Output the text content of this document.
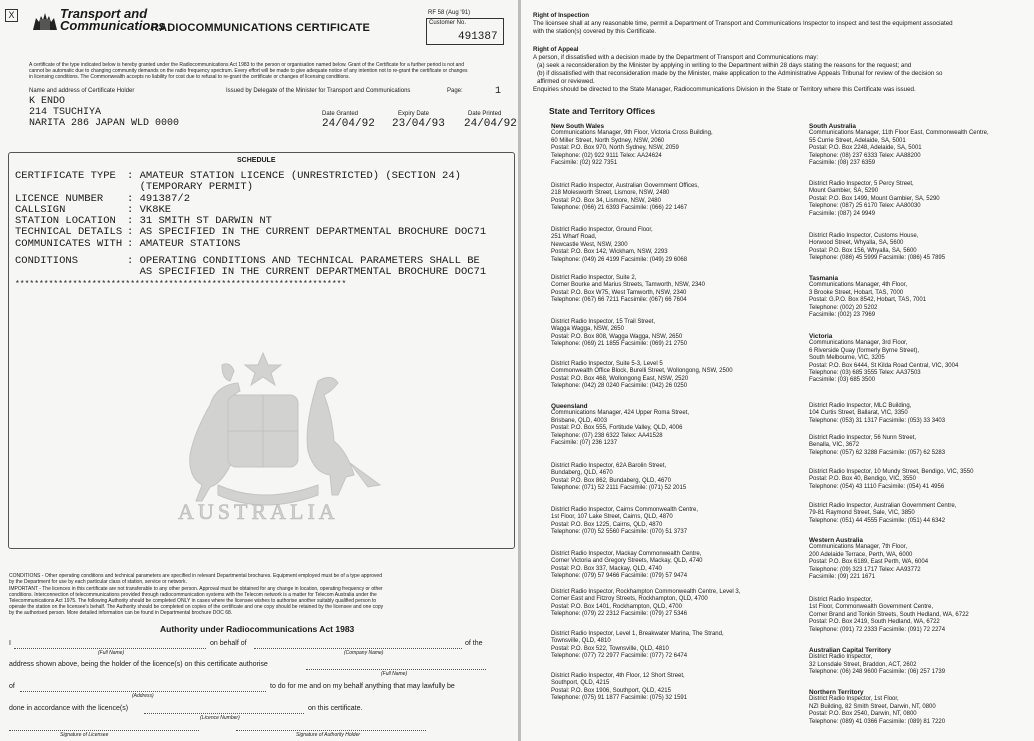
X	Transport and
Communications
RADIOCOMMUNICATIONS CERTIFICATE
RF 58 (Aug '91)
Customer No.
491387
A certificate of the type indicated below is hereby granted under the Radiocommunications Act 1983 to the person or organisation named below. Grant of the Certificate for a further period is not and
cannot be automatic due to changing community demands on the radio frequency spectrum. Every effort will be made to give adequate notice of any intention not to re-grant the certificate or changes
in licensing conditions. The Commonwealth accepts no liability for cost due to refusal to re-grant the certificate or changes of licensing conditions.
Name and address of Certificate Holder	Issued by Delegate of the Minister for Transport and Communications	Page:	1
K ENDO
214 TSUCHIYA
NARITA 286 JAPAN WLD 0000
Date Granted	Expiry Date	Date Printed
24/04/92 23/04/93 24/04/92
SCHEDULE
CERTIFICATE TYPE	: AMATEUR STATION LICENCE (UNRESTRICTED) (SECTION 24)
(TEMPORARY PERMIT)
LICENCE NUMBER	: 491387/2
CALLSIGN	: VK8KE
STATION LOCATION	: 31 SMITH ST DARWIN NT
TECHNICAL DETAILS : AS SPECIFIED IN THE CURRENT DEPARTMENTAL BROCHURE DOC71
COMMUNICATES WITH : AMATEUR STATIONS
CONDITIONS	: OPERATING CONDITIONS AND TECHNICAL PARAMETERS SHALL BE
AS SPECIFIED IN THE CURRENT DEPARTMENTAL BROCHURE DOC71
*********************************************************************
AUSTRALIA
CONDITIONS - Other operating conditions and technical parameters are specified in relevant Departmental brochures. Equipment employed must be of a type approved
by the Department for use by each particular class of station, service or network.
IMPORTANT - The licences in this certificate are not transferable to any other person. Approval must be obtained for any change in location, operating frequency or other
conditions. Interconnection of telecommunications provided through radiocommunication systems with the Telecom network is a matter for Telecom Australia under the
Telecommunications Act 1975. The following Authority should be completed ONLY in cases where the licensee wishes to authorise another suitably qualified person to
operate the station on the licensee's behalf. The Authority should be completed on copies of the certificate and one copy should be retained by the licensee and one copy
by the authorised person. More detailed information can be found in Departmental brochure DOC 68.
Authority under Radiocommunications Act 1983
I	on behalf of	of the
(Full Name)	(Company Name)
address shown above, being the holder of the licence(s) on this certificate authorise
(Full Name)
of	to do for me and on my behalf anything that may lawfully be
(Address)
done in accordance with the licence(s)	on this certificate.
(Licence Number)
Signature of Licensee	Signature of Authority Holder
Right of Inspection
The licensee shall at any reasonable time, permit a Department of Transport and Communications Inspector to inspect and test the equipment associated
with the station(s) covered by this Certificate.
Right of Appeal
A person, if dissatisfied with a decision made by the Department of Transport and Communications may:
(a) seek a reconsideration by the Minister by applying in writing to the Department within 28 days stating the reasons for the request; and
(b) if dissatisfied with that reconsideration made by the Minister, make application to the Administrative Appeals Tribunal for review of the decision so
affirmed or reviewed.
Enquiries should be directed to the State Manager, Radiocommunications Division in the State or Territory where this Certificate was issued.
State and Territory Offices
New South Wales
Communications Manager, 9th Floor, Victoria Cross Building,
60 Miller Street, North Sydney, NSW, 2060
Postal: P.O. Box 970, North Sydney, NSW, 2059
Telephone: (02) 922 9111 Telex: AA24624
Facsimile: (02) 922 7351
District Radio Inspector, Australian Government Offices,
218 Molesworth Street, Lismore, NSW, 2480
Postal: P.O. Box 34, Lismore, NSW, 2480
Telephone: (066) 21 6393 Facsimile: (066) 22 1467
District Radio Inspector, Ground Floor,
251 Wharf Road,
Newcastle West, NSW, 2300
Postal: P.O. Box 142, Wickham, NSW, 2293
Telephone: (049) 26 4199 Facsimile: (049) 29 6068
District Radio Inspector, Suite 2,
Corner Bourke and Marius Streets, Tamworth, NSW, 2340
Postal: P.O. Box W75, West Tamworth, NSW, 2340
Telephone: (067) 66 7211 Facsimile: (067) 66 7604
District Radio Inspector, 15 Trail Street,
Wagga Wagga, NSW, 2650
Postal: P.O. Box 808, Wagga Wagga, NSW, 2650
Telephone: (069) 21 1855 Facsimile: (069) 21 2750
District Radio Inspector, Suite 5-3, Level 5
Commonwealth Office Block, Burelli Street, Wollongong, NSW, 2500
Postal: P.O. Box 468, Wollongong East, NSW, 2520
Telephone: (042) 28 0240 Facsimile: (042) 26 0250
Queensland
Communications Manager, 424 Upper Roma Street,
Brisbane, QLD, 4003
Postal: P.O. Box 555, Fortitude Valley, QLD, 4006
Telephone: (07) 238 6322 Telex: AA41528
Facsimile: (07) 236 1237
District Radio Inspector, 62A Barolin Street,
Bundaberg, QLD, 4670
Postal: P.O. Box 862, Bundaberg, QLD, 4670
Telephone: (071) 52 2111 Facsimile: (071) 52 2015
District Radio Inspector, Cairns Commonwealth Centre,
1st Floor, 107 Lake Street, Cairns, QLD, 4870
Postal: P.O. Box 1225, Cairns, QLD, 4870
Telephone: (070) 52 5560 Facsimile: (070) 51 3737
District Radio Inspector, Mackay Commonwealth Centre,
Corner Victoria and Gregory Streets, Mackay, QLD, 4740
Postal: P.O. Box 337, Mackay, QLD, 4740
Telephone: (079) 57 9466 Facsimile: (079) 57 9474
District Radio Inspector, Rockhampton Commonwealth Centre, Level 3,
Corner East and Fitzroy Streets, Rockhampton, QLD, 4700
Postal: P.O. Box 1401, Rockhampton, QLD, 4700
Telephone: (079) 22 2312 Facsimile: (079) 27 5346
District Radio Inspector, Level 1, Breakwater Marina, The Strand,
Townsville, QLD, 4810
Postal: P.O. Box 522, Townsville, QLD, 4810
Telephone: (077) 72 2977 Facsimile: (077) 72 6474
District Radio Inspector, 4th Floor, 12 Short Street,
Southport, QLD, 4215
Postal: P.O. Box 1906, Southport, QLD, 4215
Telephone: (075) 91 1877 Facsimile: (075) 32 1591
South Australia
Communications Manager, 11th Floor East, Commonwealth Centre,
55 Currie Street, Adelaide, SA, 5001
Postal: P.O. Box 2248, Adelaide, SA, 5001
Telephone: (08) 237 6333 Telex: AA88200
Facsimile: (08) 237 6359
District Radio Inspector, 5 Percy Street,
Mount Gambier, SA, 5290
Postal: P.O. Box 1499, Mount Gambier, SA, 5290
Telephone: (087) 25 6170 Telex: AA80030
Facsimile: (087) 24 9949
District Radio Inspector, Customs House,
Horwood Street, Whyalla, SA, 5600
Postal: P.O. Box 156, Whyalla, SA, 5600
Telephone: (086) 45 5999 Facsimile: (086) 45 7895
Tasmania
Communications Manager, 4th Floor,
3 Brooke Street, Hobart, TAS, 7000
Postal: G.P.O. Box 8542, Hobart, TAS, 7001
Telephone: (002) 20 5202
Facsimile: (002) 23 7969
Victoria
Communications Manager, 3rd Floor,
6 Riverside Quay (formerly Byrne Street),
South Melbourne, VIC, 3205
Postal: P.O. Box 6444, St Kilda Road Central, VIC, 3004
Telephone: (03) 685 3555 Telex: AA37503
Facsimile: (03) 685 3500
District Radio Inspector, MLC Building,
104 Curtis Street, Ballarat, VIC, 3350
Telephone: (053) 31 1317 Facsimile: (053) 33 3403
District Radio Inspector, 56 Nunn Street,
Benalla, VIC, 3672
Telephone: (057) 62 3288 Facsimile: (057) 62 5283
District Radio Inspector, 10 Mundy Street, Bendigo, VIC, 3550
Postal: P.O. Box 40, Bendigo, VIC, 3550
Telephone: (054) 43 1110 Facsimile: (054) 41 4956
District Radio Inspector, Australian Government Centre,
79-81 Raymond Street, Sale, VIC, 3850
Telephone: (051) 44 4555 Facsimile: (051) 44 6342
Western Australia
Communications Manager, 7th Floor,
200 Adelaide Terrace, Perth, WA, 6000
Postal: P.O. Box 6189, East Perth, WA, 6004
Telephone: (09) 323 1717 Telex: AA93772
Facsimile: (09) 221 1671
District Radio Inspector,
1st Floor, Commonwealth Government Centre,
Corner Brand and Tonkin Streets, South Hedland, WA, 6722
Postal: P.O. Box 2419, South Hedland, WA, 6722
Telephone: (091) 72 2333 Facsimile: (091) 72 2274
Australian Capital Territory
District Radio Inspector,
32 Lonsdale Street, Braddon, ACT, 2602
Telephone: (06) 248 9600 Facsimile: (06) 257 1739
Northern Territory
District Radio Inspector, 1st Floor,
NZI Building, 82 Smith Street, Darwin, NT, 0800
Postal: P.O. Box 2540, Darwin, NT, 0800
Telephone: (089) 41 0366 Facsimile: (089) 81 7220
